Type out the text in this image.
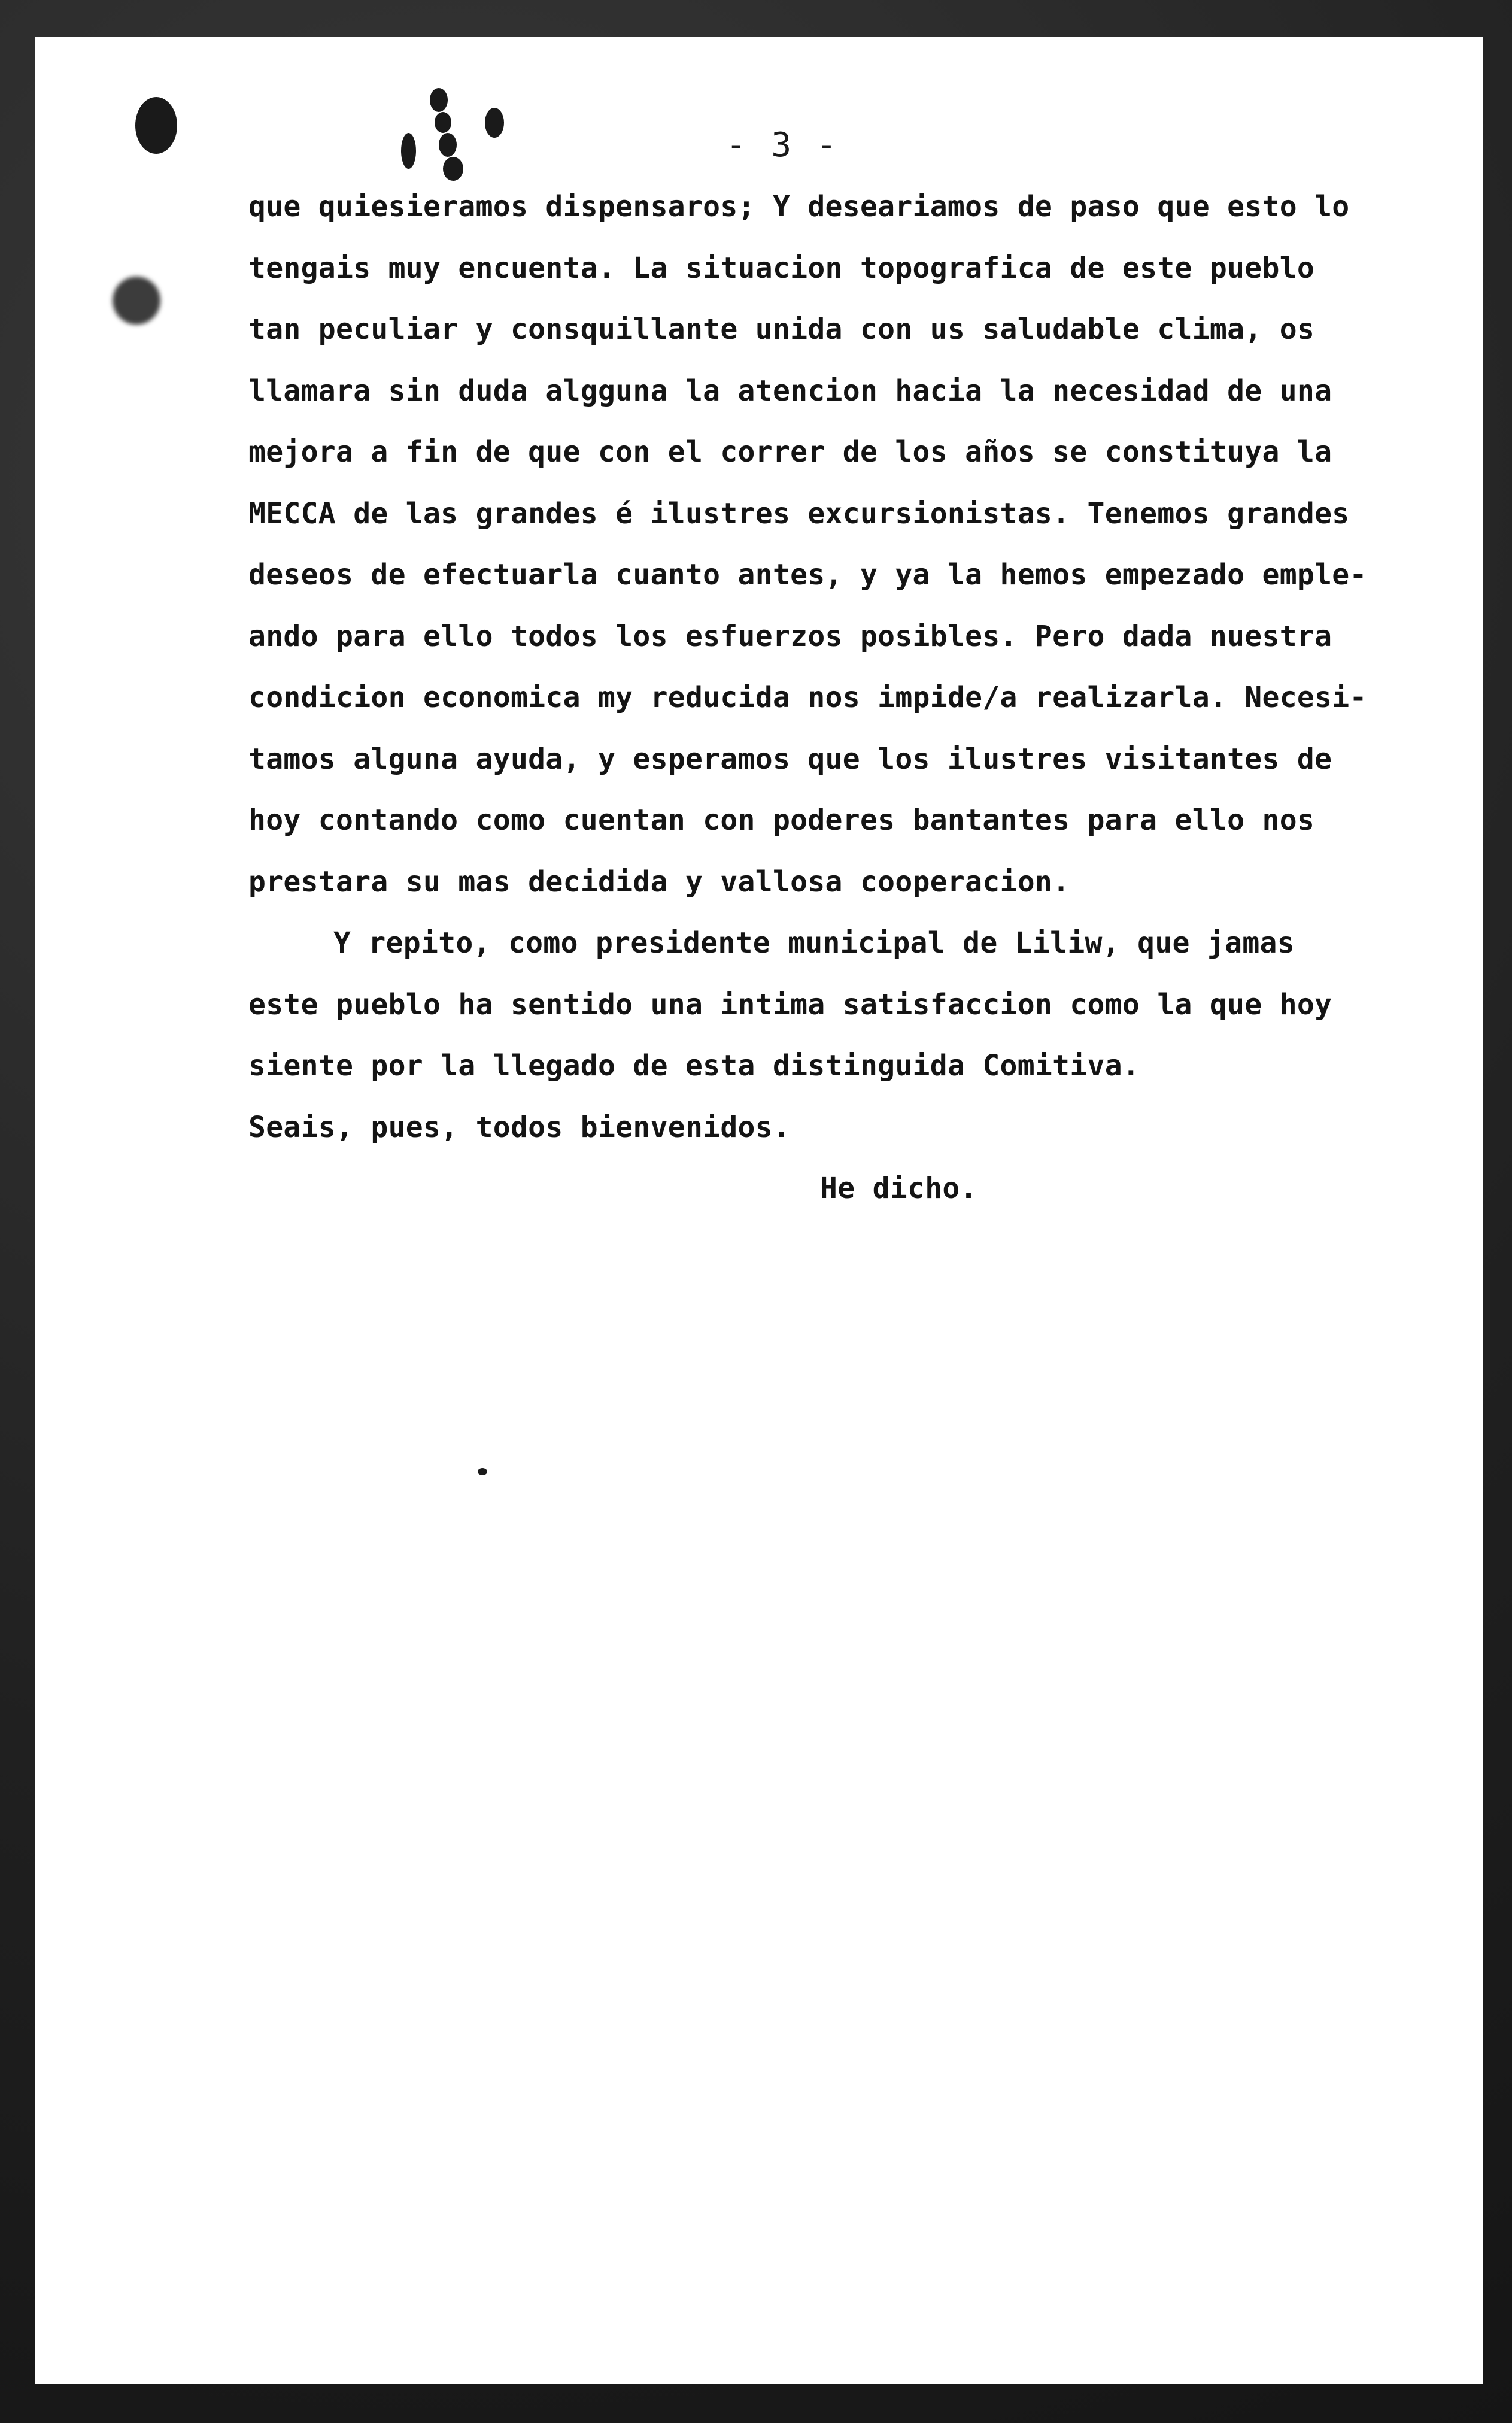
- 3 -

que quiesieramos dispensaros; Y deseariamos de paso que esto lo

tengais muy encuenta. La situacion topografica de este pueblo

tan peculiar y consquillante unida con us saludable clima, os

llamara sin duda algguna la atencion hacia la necesidad de una

mejora a fin de que con el correr de los años se constituya la

MECCA de las grandes é ilustres excursionistas. Tenemos grandes

deseos de efectuarla cuanto antes, y ya la hemos empezado emple-

ando para ello todos los esfuerzos posibles. Pero dada nuestra

condicion economica my reducida nos impide/a realizarla. Necesi-

tamos alguna ayuda, y esperamos que los ilustres visitantes de

hoy contando como cuentan con poderes bantantes para ello nos

prestara su mas decidida y vallosa cooperacion.

Y repito, como presidente municipal de Liliw, que jamas

este pueblo ha sentido una intima satisfaccion como la que hoy

siente por la llegado de esta distinguida Comitiva.

Seais, pues, todos bienvenidos.

He dicho.
